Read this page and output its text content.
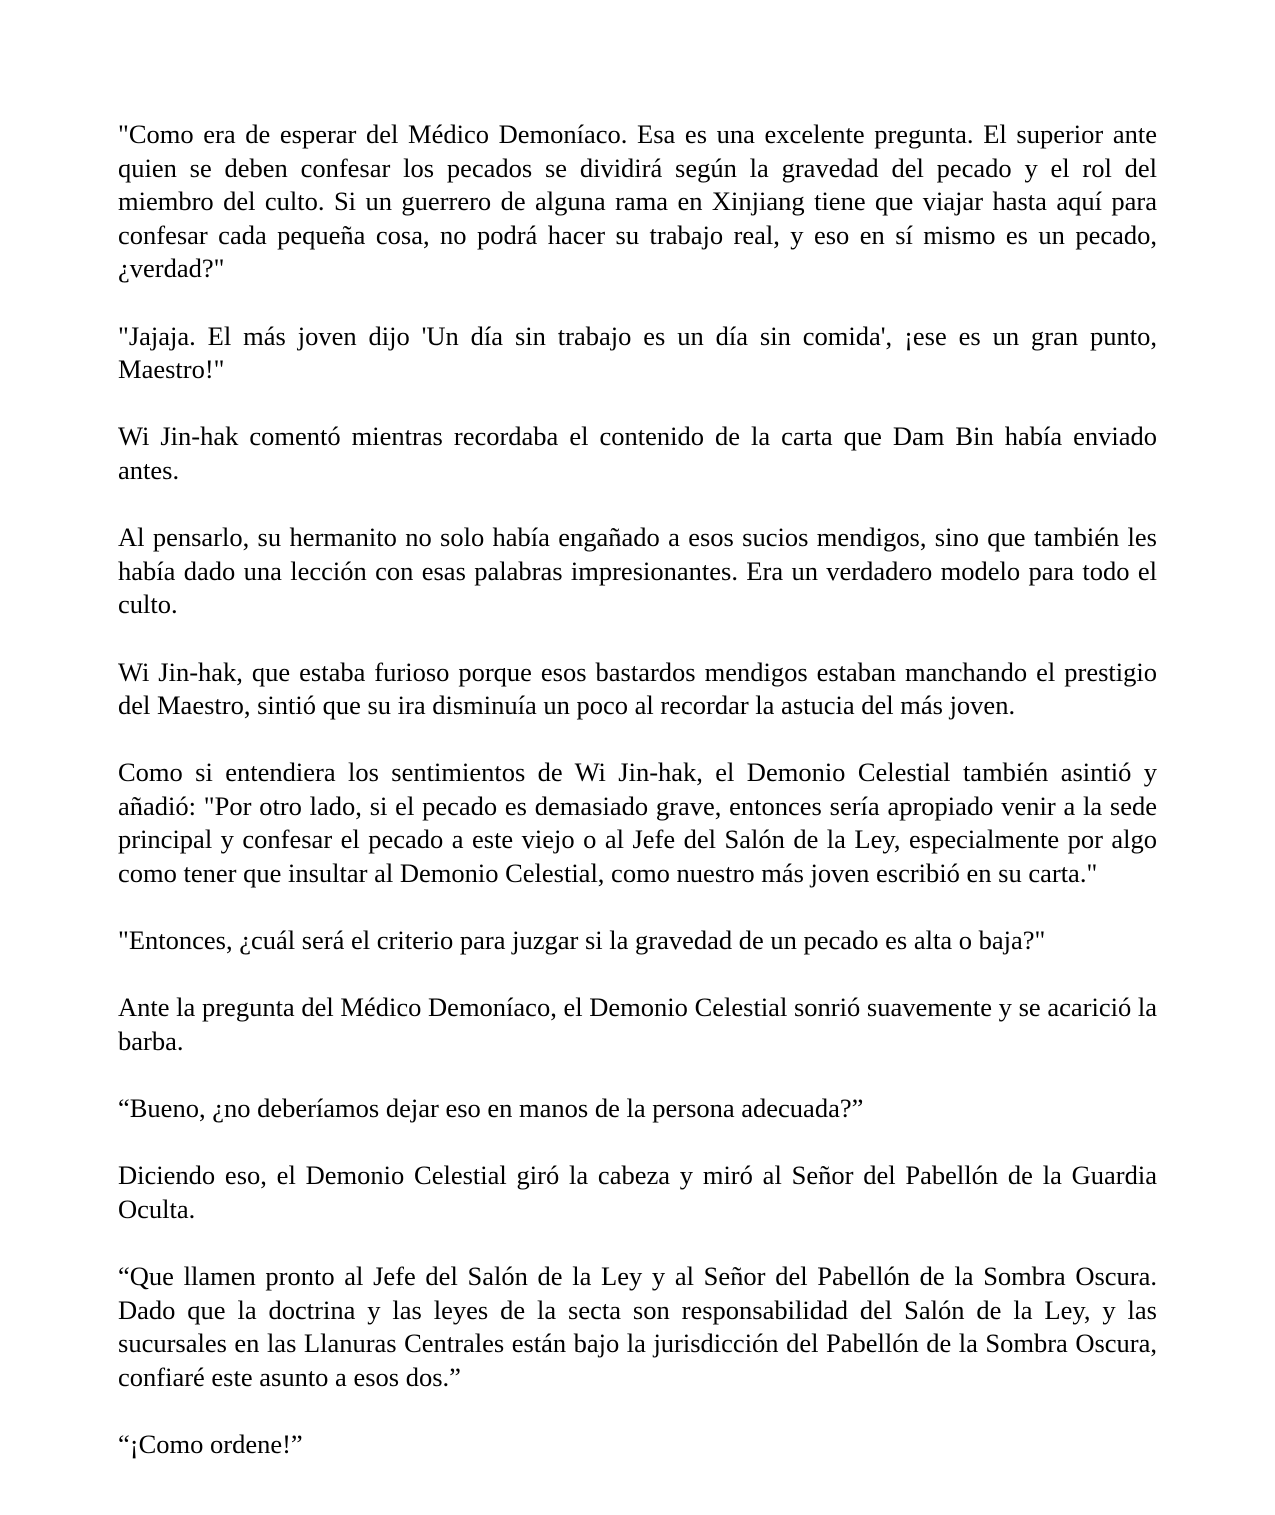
"Como era de esperar del Médico Demoníaco. Esa es una excelente pregunta. El superior ante quien se deben confesar los pecados se dividirá según la gravedad del pecado y el rol del miembro del culto. Si un guerrero de alguna rama en Xinjiang tiene que viajar hasta aquí para confesar cada pequeña cosa, no podrá hacer su trabajo real, y eso en sí mismo es un pecado, ¿verdad?"

"Jajaja. El más joven dijo 'Un día sin trabajo es un día sin comida', ¡ese es un gran punto, Maestro!"

Wi Jin-hak comentó mientras recordaba el contenido de la carta que Dam Bin había enviado antes.

Al pensarlo, su hermanito no solo había engañado a esos sucios mendigos, sino que también les había dado una lección con esas palabras impresionantes. Era un verdadero modelo para todo el culto.

Wi Jin-hak, que estaba furioso porque esos bastardos mendigos estaban manchando el prestigio del Maestro, sintió que su ira disminuía un poco al recordar la astucia del más joven.

Como si entendiera los sentimientos de Wi Jin-hak, el Demonio Celestial también asintió y añadió: "Por otro lado, si el pecado es demasiado grave, entonces sería apropiado venir a la sede principal y confesar el pecado a este viejo o al Jefe del Salón de la Ley, especialmente por algo como tener que insultar al Demonio Celestial, como nuestro más joven escribió en su carta."

"Entonces, ¿cuál será el criterio para juzgar si la gravedad de un pecado es alta o baja?"

Ante la pregunta del Médico Demoníaco, el Demonio Celestial sonrió suavemente y se acarició la barba.

“Bueno, ¿no deberíamos dejar eso en manos de la persona adecuada?”

Diciendo eso, el Demonio Celestial giró la cabeza y miró al Señor del Pabellón de la Guardia Oculta.

“Que llamen pronto al Jefe del Salón de la Ley y al Señor del Pabellón de la Sombra Oscura. Dado que la doctrina y las leyes de la secta son responsabilidad del Salón de la Ley, y las sucursales en las Llanuras Centrales están bajo la jurisdicción del Pabellón de la Sombra Oscura, confiaré este asunto a esos dos.”

“¡Como ordene!”
